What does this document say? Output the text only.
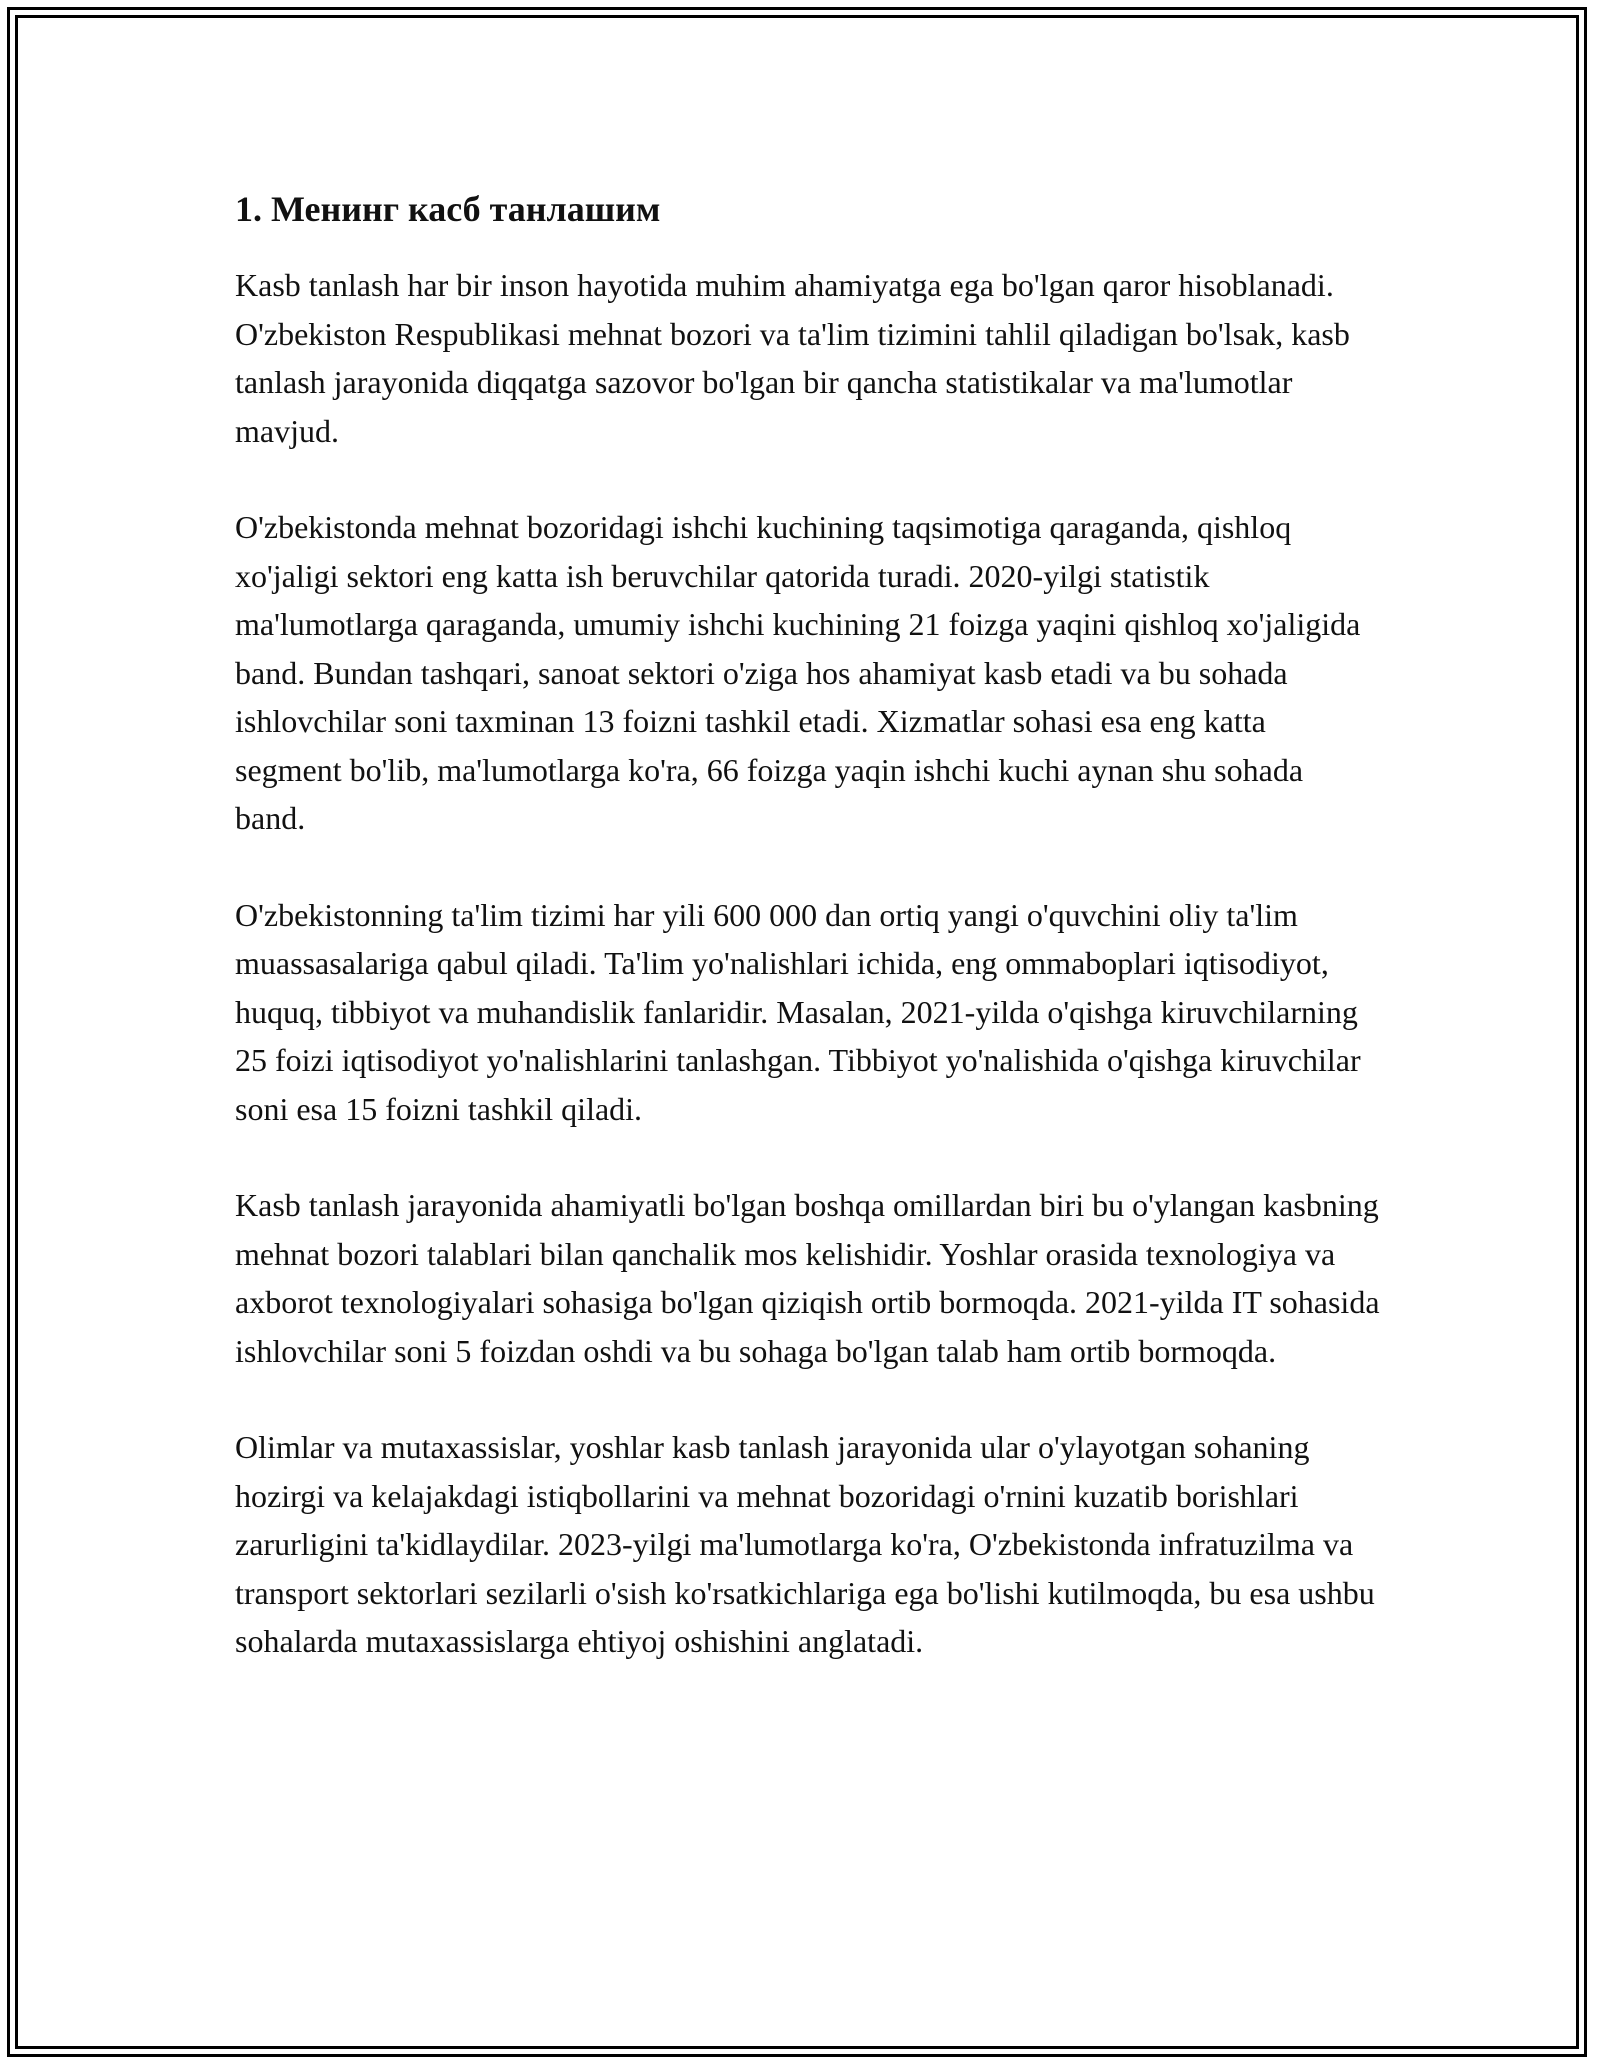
1. Менинг касб танлашим

Kasb tanlash har bir inson hayotida muhim ahamiyatga ega bo'lgan qaror hisoblanadi. O'zbekiston Respublikasi mehnat bozori va ta'lim tizimini tahlil qiladigan bo'lsak, kasb tanlash jarayonida diqqatga sazovor bo'lgan bir qancha statistikalar va ma'lumotlar mavjud.

O'zbekistonda mehnat bozoridagi ishchi kuchining taqsimotiga qaraganda, qishloq xo'jaligi sektori eng katta ish beruvchilar qatorida turadi. 2020-yilgi statistik ma'lumotlarga qaraganda, umumiy ishchi kuchining 21 foizga yaqini qishloq xo'jaligida band. Bundan tashqari, sanoat sektori o'ziga hos ahamiyat kasb etadi va bu sohada ishlovchilar soni taxminan 13 foizni tashkil etadi. Xizmatlar sohasi esa eng katta segment bo'lib, ma'lumotlarga ko'ra, 66 foizga yaqin ishchi kuchi aynan shu sohada band.

O'zbekistonning ta'lim tizimi har yili 600 000 dan ortiq yangi o'quvchini oliy ta'lim muassasalariga qabul qiladi. Ta'lim yo'nalishlari ichida, eng ommaboplari iqtisodiyot, huquq, tibbiyot va muhandislik fanlaridir. Masalan, 2021-yilda o'qishga kiruvchilarning 25 foizi iqtisodiyot yo'nalishlarini tanlashgan. Tibbiyot yo'nalishida o'qishga kiruvchilar soni esa 15 foizni tashkil qiladi.

Kasb tanlash jarayonida ahamiyatli bo'lgan boshqa omillardan biri bu o'ylangan kasbning mehnat bozori talablari bilan qanchalik mos kelishidir. Yoshlar orasida texnologiya va axborot texnologiyalari sohasiga bo'lgan qiziqish ortib bormoqda. 2021-yilda IT sohasida ishlovchilar soni 5 foizdan oshdi va bu sohaga bo'lgan talab ham ortib bormoqda.

Olimlar va mutaxassislar, yoshlar kasb tanlash jarayonida ular o'ylayotgan sohaning hozirgi va kelajakdagi istiqbollarini va mehnat bozoridagi o'rnini kuzatib borishlari zarurligini ta'kidlaydilar. 2023-yilgi ma'lumotlarga ko'ra, O'zbekistonda infratuzilma va transport sektorlari sezilarli o'sish ko'rsatkichlariga ega bo'lishi kutilmoqda, bu esa ushbu sohalarda mutaxassislarga ehtiyoj oshishini anglatadi.
